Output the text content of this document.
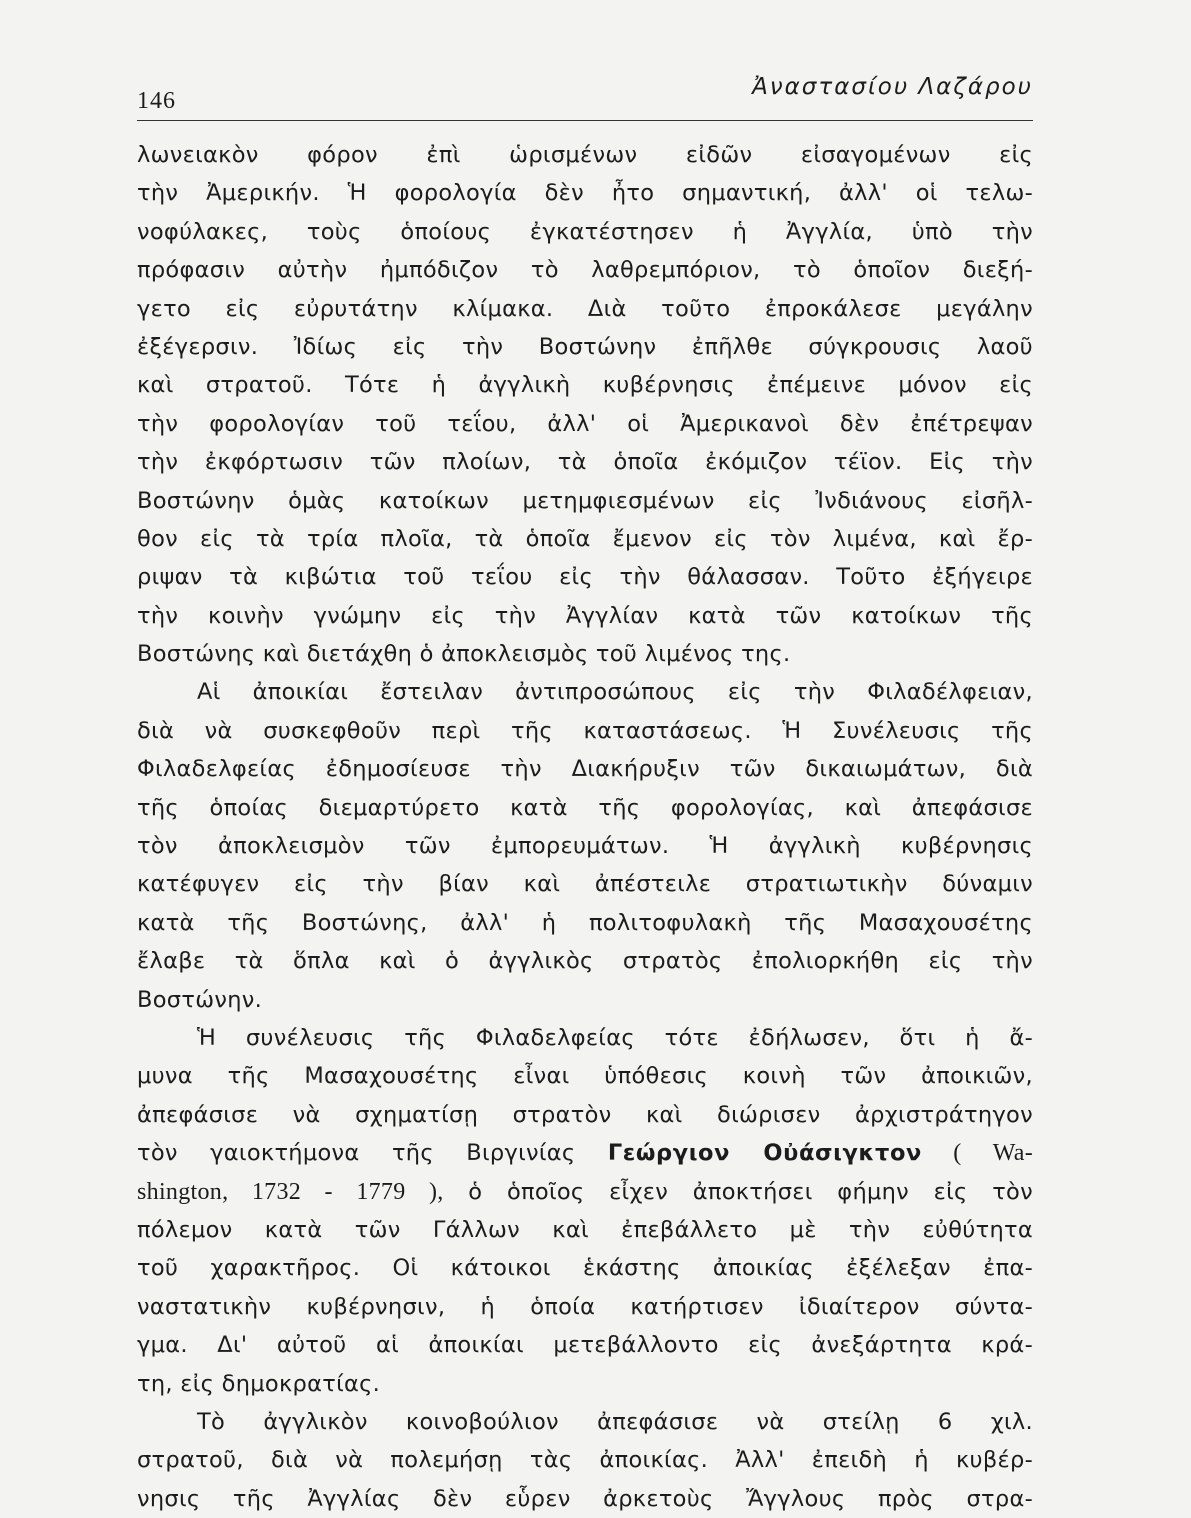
146
Ἀναστασίου Λαζάρου
λωνειακὸν φόρον ἐπὶ ὡρισμένων εἰδῶν εἰσαγομένων εἰς
τὴν Ἀμερικήν. Ἡ φορολογία δὲν ἦτο σημαντική, ἀλλ' οἱ τελω-
νοφύλακες, τοὺς ὁποίους ἐγκατέστησεν ἡ Ἀγγλία, ὑπὸ τὴν
πρόφασιν αὐτὴν ἠμπόδιζον τὸ λαθρεμπόριον, τὸ ὁποῖον διεξή-
γετο εἰς εὐρυτάτην κλίμακα. Διὰ τοῦτο ἐπροκάλεσε μεγάλην
ἐξέγερσιν. Ἰδίως εἰς τὴν Βοστώνην ἐπῆλθε σύγκρουσις λαοῦ
καὶ στρατοῦ. Τότε ἡ ἀγγλικὴ κυβέρνησις ἐπέμεινε μόνον εἰς
τὴν φορολογίαν τοῦ τεΐου, ἀλλ' οἱ Ἀμερικανοὶ δὲν ἐπέτρεψαν
τὴν ἐκφόρτωσιν τῶν πλοίων, τὰ ὁποῖα ἐκόμιζον τέϊον. Εἰς τὴν
Βοστώνην ὁμὰς κατοίκων μετημφιεσμένων εἰς Ἰνδιάνους εἰσῆλ-
θον εἰς τὰ τρία πλοῖα, τὰ ὁποῖα ἔμενον εἰς τὸν λιμένα, καὶ ἔρ-
ριψαν τὰ κιβώτια τοῦ τεΐου εἰς τὴν θάλασσαν. Τοῦτο ἐξήγειρε
τὴν κοινὴν γνώμην εἰς τὴν Ἀγγλίαν κατὰ τῶν κατοίκων τῆς
Βοστώνης καὶ διετάχθη ὁ ἀποκλεισμὸς τοῦ λιμένος της.
Αἱ ἀποικίαι ἔστειλαν ἀντιπροσώπους εἰς τὴν Φιλαδέλφειαν,
διὰ νὰ συσκεφθοῦν περὶ τῆς καταστάσεως. Ἡ Συνέλευσις τῆς
Φιλαδελφείας ἐδημοσίευσε τὴν Διακήρυξιν τῶν δικαιωμάτων, διὰ
τῆς ὁποίας διεμαρτύρετο κατὰ τῆς φορολογίας, καὶ ἀπεφάσισε
τὸν ἀποκλεισμὸν τῶν ἐμπορευμάτων. Ἡ ἀγγλικὴ κυβέρνησις
κατέφυγεν εἰς τὴν βίαν καὶ ἀπέστειλε στρατιωτικὴν δύναμιν
κατὰ τῆς Βοστώνης, ἀλλ' ἡ πολιτοφυλακὴ τῆς Μασαχουσέτης
ἔλαβε τὰ ὅπλα καὶ ὁ ἀγγλικὸς στρατὸς ἐπολιορκήθη εἰς τὴν
Βοστώνην.
Ἡ συνέλευσις τῆς Φιλαδελφείας τότε ἐδήλωσεν, ὅτι ἡ ἄ-
μυνα τῆς Μασαχουσέτης εἶναι ὑπόθεσις κοινὴ τῶν ἀποικιῶν,
ἀπεφάσισε νὰ σχηματίσῃ στρατὸν καὶ διώρισεν ἀρχιστράτηγον
τὸν γαιοκτήμονα τῆς Βιργινίας Γεώργιον Οὐάσιγκτον ( Wa-
shington, 1732 - 1779 ), ὁ ὁποῖος εἶχεν ἀποκτήσει φήμην εἰς τὸν
πόλεμον κατὰ τῶν Γάλλων καὶ ἐπεβάλλετο μὲ τὴν εὐθύτητα
τοῦ χαρακτῆρος. Οἱ κάτοικοι ἑκάστης ἀποικίας ἐξέλεξαν ἐπα-
ναστατικὴν κυβέρνησιν, ἡ ὁποία κατήρτισεν ἰδιαίτερον σύντα-
γμα. Δι' αὐτοῦ αἱ ἀποικίαι μετεβάλλοντο εἰς ἀνεξάρτητα κρά-
τη, εἰς δημοκρατίας.
Τὸ ἀγγλικὸν κοινοβούλιον ἀπεφάσισε νὰ στείλῃ 6 χιλ.
στρατοῦ, διὰ νὰ πολεμήσῃ τὰς ἀποικίας. Ἀλλ' ἐπειδὴ ἡ κυβέρ-
νησις τῆς Ἀγγλίας δὲν εὗρεν ἀρκετοὺς Ἄγγλους πρὸς στρα-
